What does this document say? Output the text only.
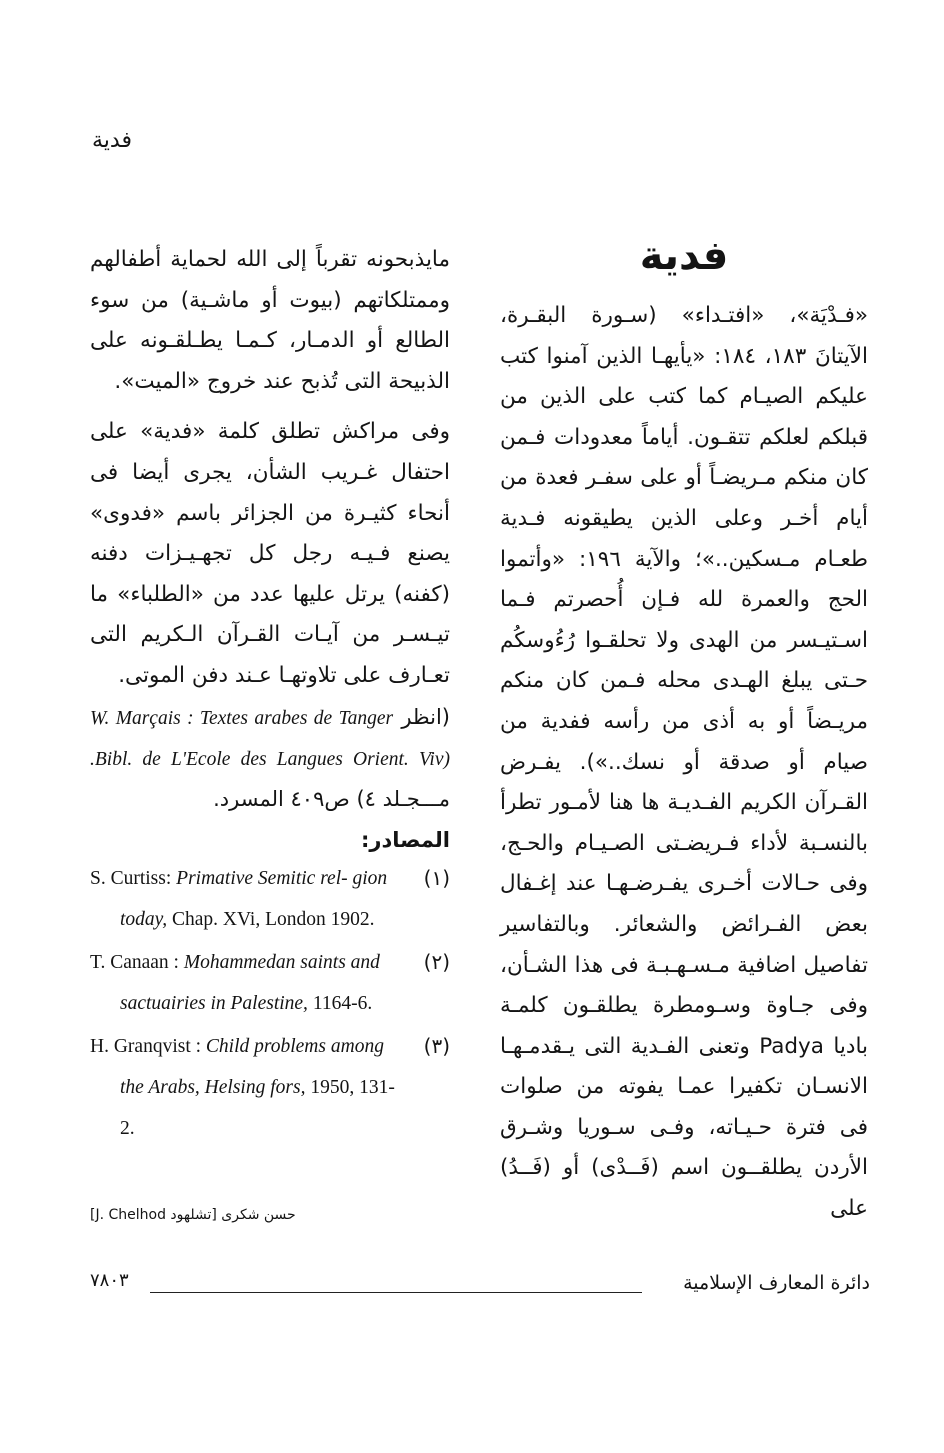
فدية
فدية

«فـدْيَة»، «افتـداء» (سـورة البقـرة، الآيتانَ ١٨٣، ١٨٤: «يأيهـا الذين آمنوا كتب عليكم الصيـام كما كتب على الذين من قبلكم لعلكم تتقـون. أياماً معدودات فـمن كان منكم مـريضـاً أو على سفـر فعدة من أيام أخـر وعلى الذين يطيقونه فـدية طعـام مـسكين..»؛ والآية ١٩٦: «وأتموا الحج والعمرة لله فـإن أُحصرتم فـما اسـتيـسر من الهدى ولا تحلقـوا رُءُوسكُم حـتى يبلغ الهـدى محله فـمن كان منكم مريـضاً أو به أذى من رأسه ففدية من صيام أو صدقة أو نسك..»). يفـرض القـرآن الكريم الفـديـة ها هنا لأمـور تطرأ بالنسـبة لأداء فـريضـتى الصـيـام والحـج، وفى حـالات أخـرى يفـرضـهـا عند إغـفال بعض الفـرائض والشعائر. وبالتفاسير تفاصيل اضافية مـسـهـبـة فى هذا الشـأن، وفى جـاوة وسـومطرة يطلقـون كلمـة باديا Padya وتعنى الفـدية التى يـقدمـهـا الانسـان تكفيرا عمـا يفوته من صلوات فى فترة حـيـاته، وفـى سـوريا وشـرق الأردن يطلقــون اسم (فَــدْى) أو (فَــدُ) على

مايذبحونه تقرباً إلى الله لحماية أطفالهم وممتلكاتهم (بيوت أو ماشـية) من سوء الطالع أو الدمـار، كـمـا يطـلقـونه على الذبيحة التى تُذبح عند خروج «الميت».

وفى مراكش تطلق كلمة «فدية» على احتفال غـريب الشأن، يجرى أيضا فى أنحاء كثيـرة من الجزائر باسم «فدوى» يصنع فـيـه رجل كل تجهـيـزات دفنه (كفنه) يرتل عليها عدد من «الطلباء» ما تيـسـر من آيـات القـرآن الـكريم التى تعـارف على تلاوتهـا عـند دفن الموتى.

(انظر W. Marçais : Textes arabes de Tanger (Bibl. de L'Ecole des Langues Orient. Viv. مـــجـلد ٤) ص٤٠٩ المسرد.
المصادر:
S. Curtiss: Primative Semitic rel- gion today, Chap. XVi, London 1902.
(١)
T. Canaan : Mohammedan saints and sactuairies in Palestine, 1164-6.
(٢)
H. Granqvist : Child problems among the Arabs, Helsing fors, 1950, 131-2.
(٣)
حسن شكرى [تشلهود J. Chelhod]
٧٨٠٣	دائرة المعارف الإسلامية
